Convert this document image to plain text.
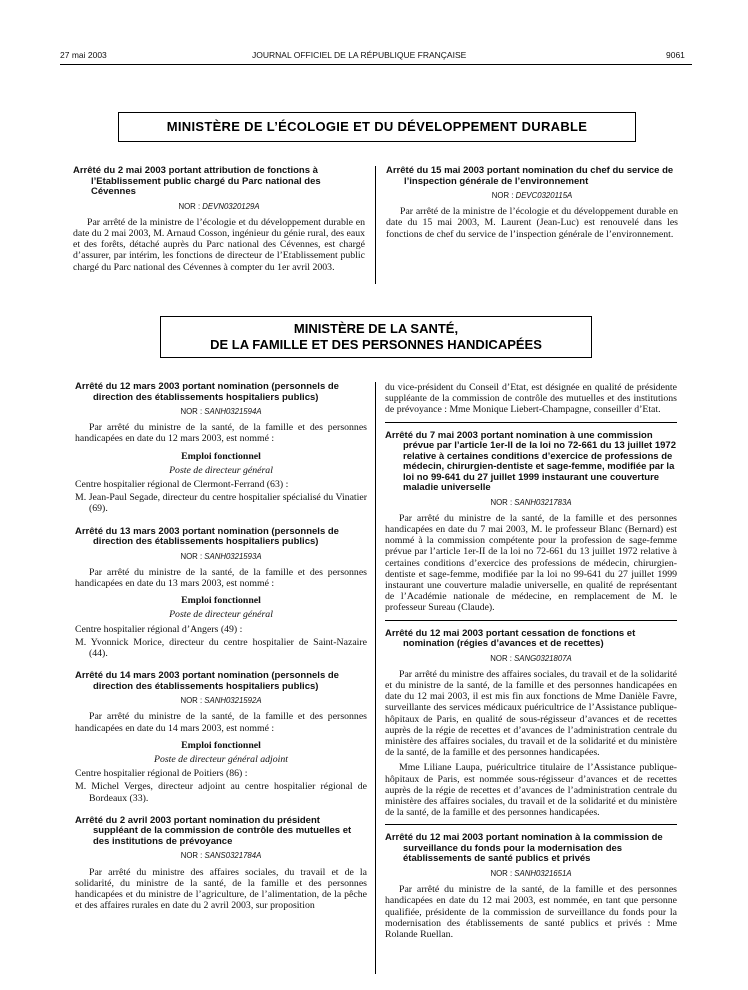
27 mai 2003	JOURNAL OFFICIEL DE LA RÉPUBLIQUE FRANÇAISE	9061
MINISTÈRE DE L’ÉCOLOGIE ET DU DÉVELOPPEMENT DURABLE
Arrêté du 2 mai 2003 portant attribution de fonctions à l’Etablissement public chargé du Parc national des Cévennes
NOR : DEVN0320129A
Par arrêté de la ministre de l’écologie et du développement durable en date du 2 mai 2003, M. Arnaud Cosson, ingénieur du génie rural, des eaux et des forêts, détaché auprès du Parc national des Cévennes, est chargé d’assurer, par intérim, les fonctions de directeur de l’Etablissement public chargé du Parc national des Cévennes à compter du 1er avril 2003.
Arrêté du 15 mai 2003 portant nomination du chef du service de l’inspection générale de l’environnement
NOR : DEVC0320115A
Par arrêté de la ministre de l’écologie et du développement durable en date du 15 mai 2003, M. Laurent (Jean-Luc) est renouvelé dans les fonctions de chef du service de l’inspection générale de l’environnement.
MINISTÈRE DE LA SANTÉ,
DE LA FAMILLE ET DES PERSONNES HANDICAPÉES
Arrêté du 12 mars 2003 portant nomination (personnels de direction des établissements hospitaliers publics)
NOR : SANH0321594A
Par arrêté du ministre de la santé, de la famille et des personnes handicapées en date du 12 mars 2003, est nommé :
Emploi fonctionnel
Poste de directeur général
Centre hospitalier régional de Clermont-Ferrand (63) :
M. Jean-Paul Segade, directeur du centre hospitalier spécialisé du Vinatier (69).
Arrêté du 13 mars 2003 portant nomination (personnels de direction des établissements hospitaliers publics)
NOR : SANH0321593A
Par arrêté du ministre de la santé, de la famille et des personnes handicapées en date du 13 mars 2003, est nommé :
Emploi fonctionnel
Poste de directeur général
Centre hospitalier régional d’Angers (49) :
M. Yvonnick Morice, directeur du centre hospitalier de Saint-Nazaire (44).
Arrêté du 14 mars 2003 portant nomination (personnels de direction des établissements hospitaliers publics)
NOR : SANH0321592A
Par arrêté du ministre de la santé, de la famille et des personnes handicapées en date du 14 mars 2003, est nommé :
Emploi fonctionnel
Poste de directeur général adjoint
Centre hospitalier régional de Poitiers (86) :
M. Michel Verges, directeur adjoint au centre hospitalier régional de Bordeaux (33).
Arrêté du 2 avril 2003 portant nomination du président suppléant de la commission de contrôle des mutuelles et des institutions de prévoyance
NOR : SANS0321784A
Par arrêté du ministre des affaires sociales, du travail et de la solidarité, du ministre de la santé, de la famille et des personnes handicapées et du ministre de l’agriculture, de l’alimentation, de la pêche et des affaires rurales en date du 2 avril 2003, sur proposition
du vice-président du Conseil d’Etat, est désignée en qualité de présidente suppléante de la commission de contrôle des mutuelles et des institutions de prévoyance : Mme Monique Liebert-Champagne, conseiller d’Etat.
Arrêté du 7 mai 2003 portant nomination à une commission prévue par l’article 1er-II de la loi no 72-661 du 13 juillet 1972 relative à certaines conditions d’exercice de professions de médecin, chirurgien-dentiste et sage-femme, modifiée par la loi no 99-641 du 27 juillet 1999 instaurant une couverture maladie universelle
NOR : SANH0321783A
Par arrêté du ministre de la santé, de la famille et des personnes handicapées en date du 7 mai 2003, M. le professeur Blanc (Bernard) est nommé à la commission compétente pour la profession de sage-femme prévue par l’article 1er-II de la loi no 72-661 du 13 juillet 1972 relative à certaines conditions d’exercice des professions de médecin, chirurgien-dentiste et sage-femme, modifiée par la loi no 99-641 du 27 juillet 1999 instaurant une couverture maladie universelle, en qualité de représentant de l’Académie nationale de médecine, en remplacement de M. le professeur Sureau (Claude).
Arrêté du 12 mai 2003 portant cessation de fonctions et nomination (régies d’avances et de recettes)
NOR : SANG0321807A
Par arrêté du ministre des affaires sociales, du travail et de la solidarité et du ministre de la santé, de la famille et des personnes handicapées en date du 12 mai 2003, il est mis fin aux fonctions de Mme Danièle Favre, surveillante des services médicaux puéricultrice de l’Assistance publique-hôpitaux de Paris, en qualité de sous-régisseur d’avances et de recettes auprès de la régie de recettes et d’avances de l’administration centrale du ministère des affaires sociales, du travail et de la solidarité et du ministère de la santé, de la famille et des personnes handicapées.
Mme Liliane Laupa, puéricultrice titulaire de l’Assistance publique-hôpitaux de Paris, est nommée sous-régisseur d’avances et de recettes auprès de la régie de recettes et d’avances de l’administration centrale du ministère des affaires sociales, du travail et de la solidarité et du ministère de la santé, de la famille et des personnes handicapées.
Arrêté du 12 mai 2003 portant nomination à la commission de surveillance du fonds pour la modernisation des établissements de santé publics et privés
NOR : SANH0321651A
Par arrêté du ministre de la santé, de la famille et des personnes handicapées en date du 12 mai 2003, est nommée, en tant que personne qualifiée, présidente de la commission de surveillance du fonds pour la modernisation des établissements de santé publics et privés : Mme Rolande Ruellan.
